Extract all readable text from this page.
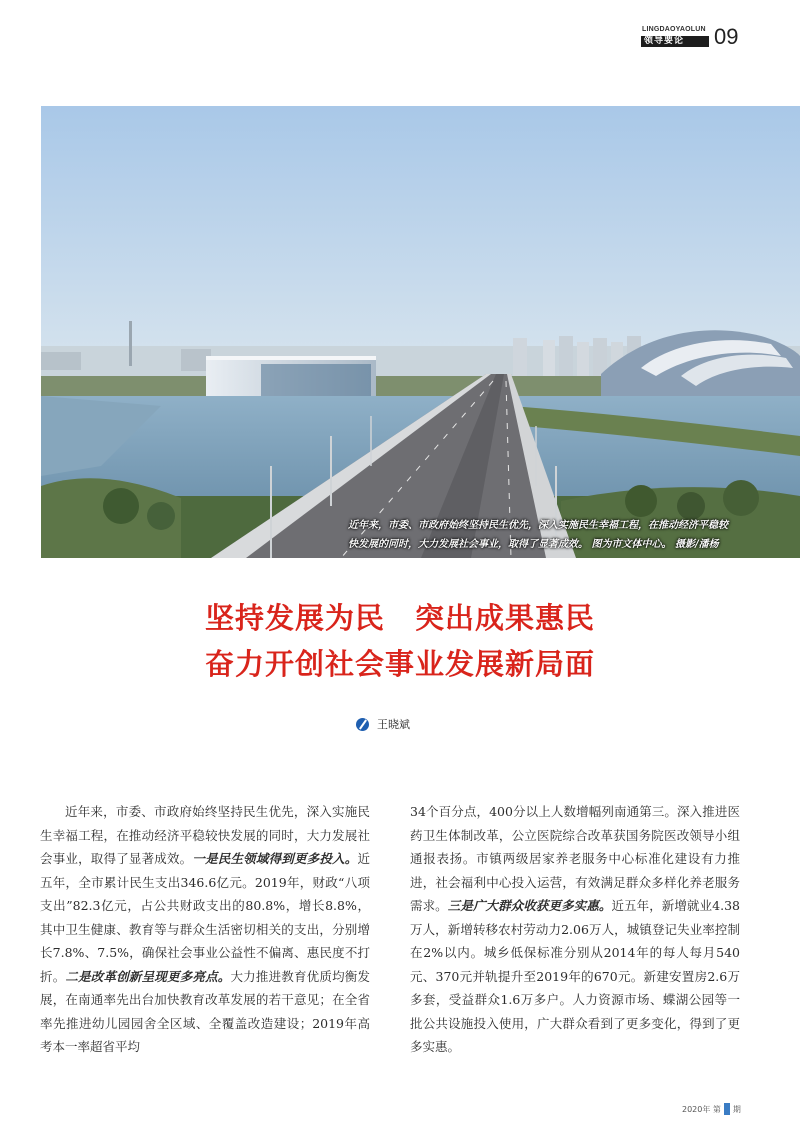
LINGDAOYAOLUN
领导要论	09
近年来，市委、市政府始终坚持民生优先，深入实施民生幸福工程，在推动经济平稳较
快发展的同时，大力发展社会事业，取得了显著成效。 图为市文体中心。 摄影/潘杨
坚持发展为民　突出成果惠民
奋力开创社会事业发展新局面
王晓斌

近年来，市委、市政府始终坚持民生优先，深入实施民生幸福工程，在推动经济平稳较快发展的同时，大力发展社会事业，取得了显著成效。一是民生领域得到更多投入。近五年，全市累计民生支出346.6亿元。2019年，财政“八项支出”82.3亿元，占公共财政支出的80.8%，增长8.8%，其中卫生健康、教育等与群众生活密切相关的支出，分别增长7.8%、7.5%，确保社会事业公益性不偏离、惠民度不打折。二是改革创新呈现更多亮点。大力推进教育优质均衡发展，在南通率先出台加快教育改革发展的若干意见；在全省率先推进幼儿园园舍全区域、全覆盖改造建设；2019年高考本一率超省平均

34个百分点，400分以上人数增幅列南通第三。深入推进医药卫生体制改革，公立医院综合改革获国务院医改领导小组通报表扬。市镇两级居家养老服务中心标准化建设有力推进，社会福利中心投入运营，有效满足群众多样化养老服务需求。三是广大群众收获更多实惠。近五年，新增就业4.38万人，新增转移农村劳动力2.06万人，城镇登记失业率控制在2%以内。城乡低保标准分别从2014年的每人每月540元、370元并轨提升至2019年的670元。新建安置房2.6万多套，受益群众1.6万多户。人力资源市场、蝶湖公园等一批公共设施投入使用，广大群众看到了更多变化，得到了更多实惠。

2020年 第 期
